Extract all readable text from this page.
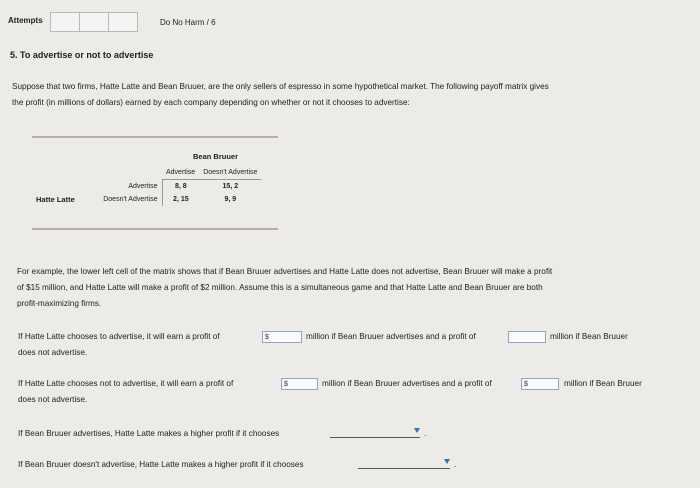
Attempts	Do No Harm / 6
5. To advertise or not to advertise
Suppose that two firms, Hatte Latte and Bean Bruuer, are the only sellers of espresso in some hypothetical market. The following payoff matrix gives
the profit (in millions of dollars) earned by each company depending on whether or not it chooses to advertise:
Bean Bruuer
Hatte Latte
	Advertise	Doesn't Advertise
Advertise	8, 8	15, 2
Doesn't Advertise	2, 15	9, 9
For example, the lower left cell of the matrix shows that if Bean Bruuer advertises and Hatte Latte does not advertise, Bean Bruuer will make a profit
of $15 million, and Hatte Latte will make a profit of $2 million. Assume this is a simultaneous game and that Hatte Latte and Bean Bruuer are both
profit-maximizing firms.
If Hatte Latte chooses to advertise, it will earn a profit of	$	million if Bean Bruuer advertises and a profit of	million if Bean Bruuer
does not advertise.
If Hatte Latte chooses not to advertise, it will earn a profit of	$	million if Bean Bruuer advertises and a profit of	$	million if Bean Bruuer
does not advertise.
If Bean Bruuer advertises, Hatte Latte makes a higher profit if it chooses	.
If Bean Bruuer doesn't advertise, Hatte Latte makes a higher profit if it chooses	.
